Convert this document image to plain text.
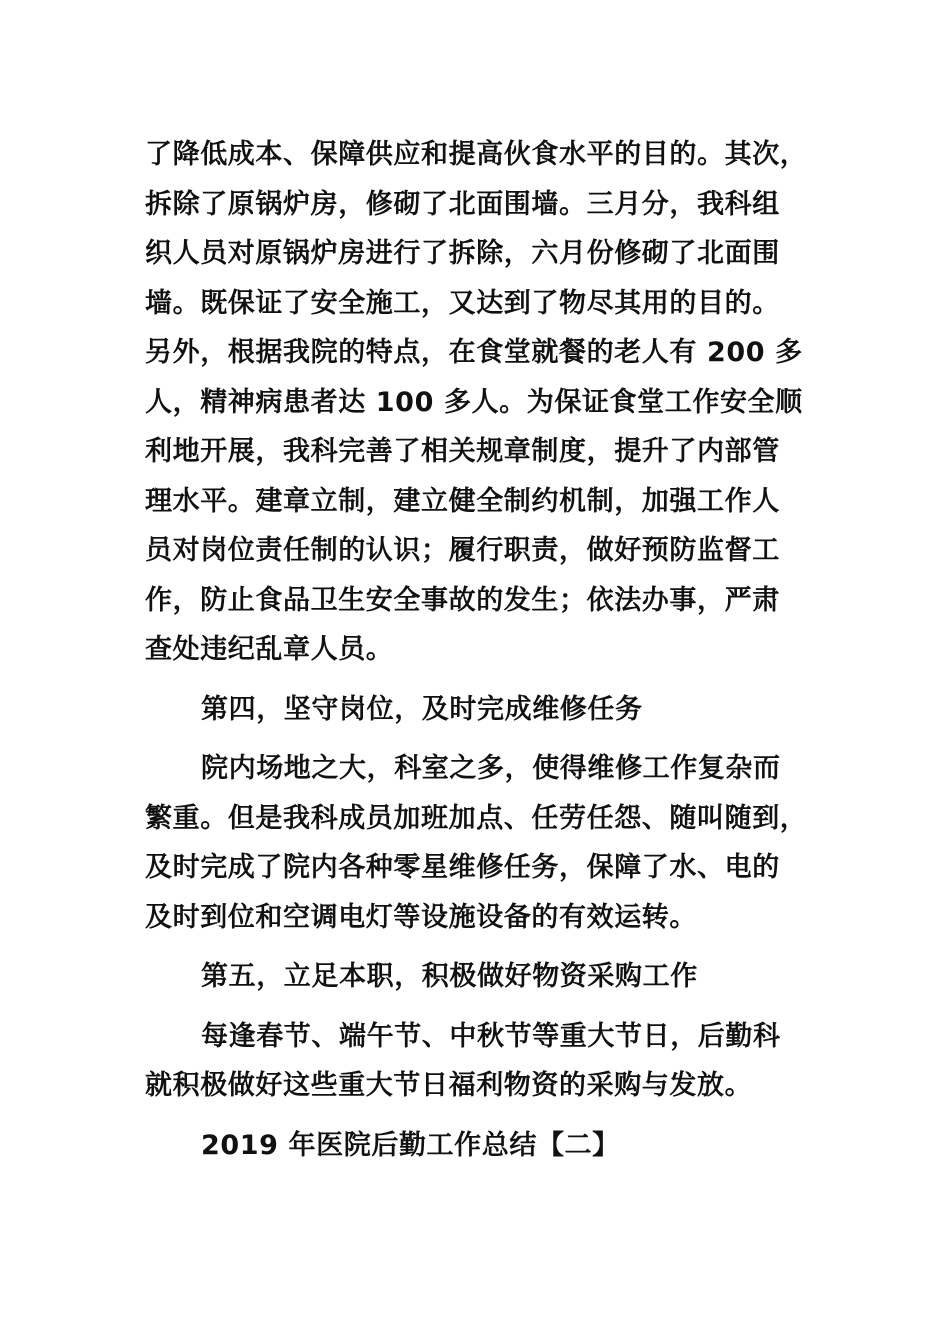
了降低成本、保障供应和提高伙食水平的目的。其次，
拆除了原锅炉房，修砌了北面围墙。三月分，我科组
织人员对原锅炉房进行了拆除，六月份修砌了北面围
墙。既保证了安全施工，又达到了物尽其用的目的。
另外，根据我院的特点，在食堂就餐的老人有 200 多
人，精神病患者达 100 多人。为保证食堂工作安全顺
利地开展，我科完善了相关规章制度，提升了内部管
理水平。建章立制，建立健全制约机制，加强工作人
员对岗位责任制的认识；履行职责，做好预防监督工
作，防止食品卫生安全事故的发生；依法办事，严肃
查处违纪乱章人员。

第四，坚守岗位，及时完成维修任务

院内场地之大，科室之多，使得维修工作复杂而
繁重。但是我科成员加班加点、任劳任怨、随叫随到，
及时完成了院内各种零星维修任务，保障了水、电的
及时到位和空调电灯等设施设备的有效运转。

第五，立足本职，积极做好物资采购工作

每逢春节、端午节、中秋节等重大节日，后勤科
就积极做好这些重大节日福利物资的采购与发放。

2019 年医院后勤工作总结【二】
